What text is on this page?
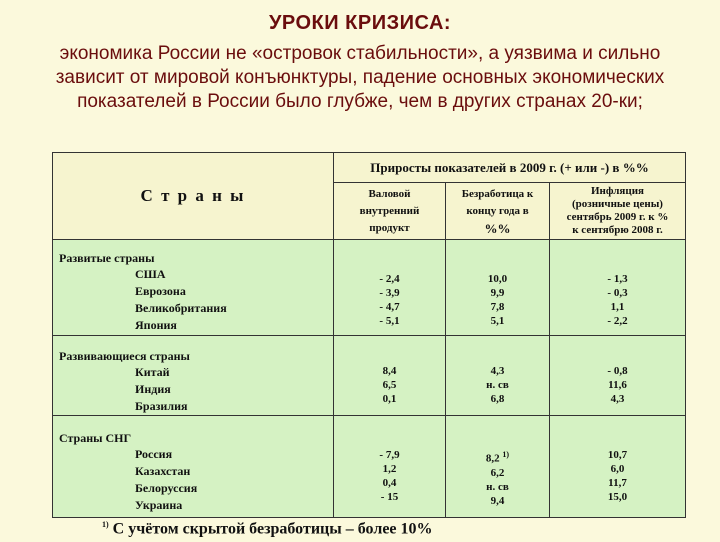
УРОКИ КРИЗИСА:
экономика России не «островок стабильности», а уязвима и сильно
зависит от мировой конъюнктуры, падение основных экономических
показателей в России было глубже, чем в других странах 20-ки;
С т р а н ы
Приросты показателей в 2009 г. (+ или -) в %%
Валовой
внутренний
продукт
Безработица к
концу года в
%%
Инфляция
(розничные цены)
сентябрь 2009 г. к %
к сентябрю 2008 г.
Развитые страны
США
Еврозона
Великобритания
Япония
- 2,4
- 3,9
- 4,7
- 5,1
10,0
9,9
7,8
5,1
- 1,3
- 0,3
1,1
- 2,2
Развивающиеся страны
Китай
Индия
Бразилия
8,4
6,5
0,1
4,3
н. св
6,8
- 0,8
11,6
4,3
Страны СНГ
Россия
Казахстан
Белоруссия
Украина
- 7,9
1,2
0,4
- 15
8,2 $^{1)}$
6,2
н. св
9,4
10,7
6,0
11,7
15,0
$^{1)}$ С учётом скрытой безработицы – более 10%
